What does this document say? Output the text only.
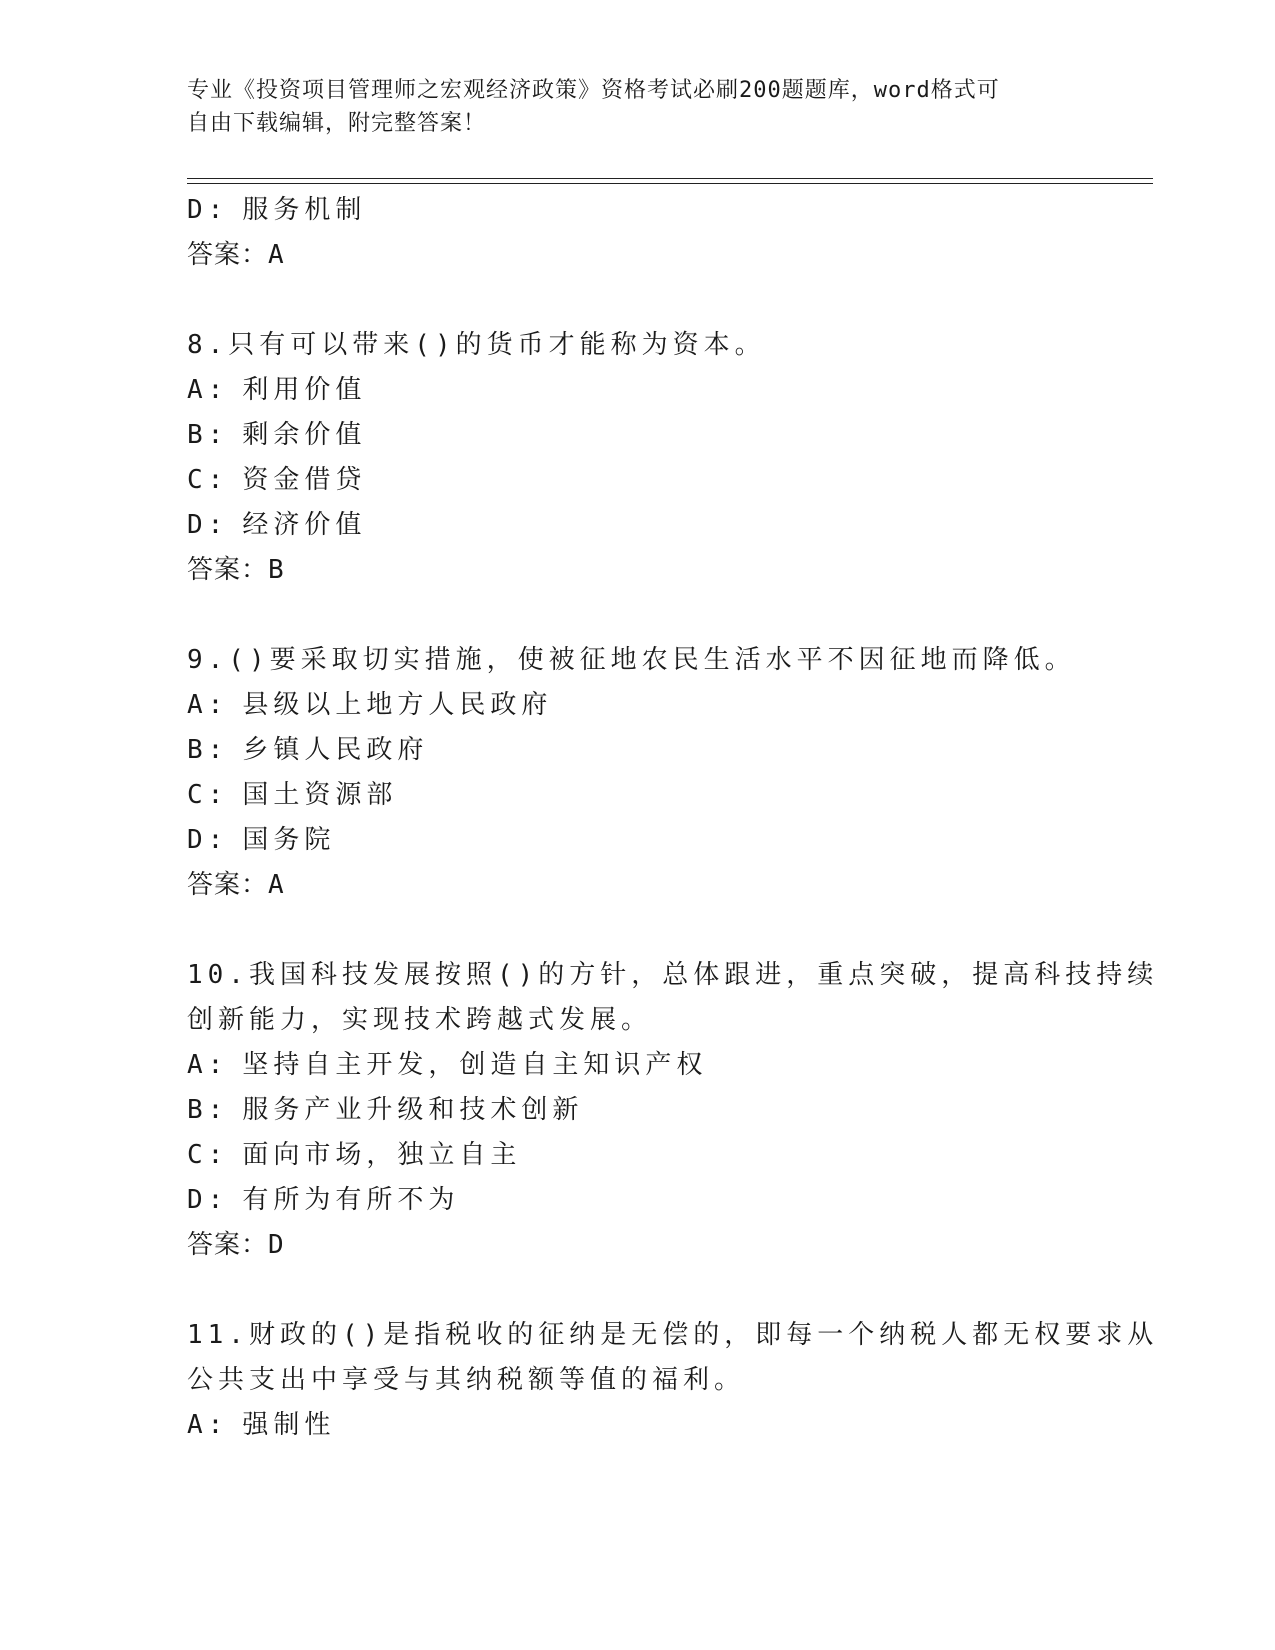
专业《投资项目管理师之宏观经济政策》资格考试必刷200题题库，word格式可
自由下载编辑，附完整答案！
D: 服务机制
答案：A
8.只有可以带来()的货币才能称为资本。
A: 利用价值
B: 剩余价值
C: 资金借贷
D: 经济价值
答案：B
9.()要采取切实措施，使被征地农民生活水平不因征地而降低。
A: 县级以上地方人民政府
B: 乡镇人民政府
C: 国土资源部
D: 国务院
答案：A
10.我国科技发展按照()的方针，总体跟进，重点突破，提高科技持续
创新能力，实现技术跨越式发展。
A: 坚持自主开发，创造自主知识产权
B: 服务产业升级和技术创新
C: 面向市场，独立自主
D: 有所为有所不为
答案：D
11.财政的()是指税收的征纳是无偿的，即每一个纳税人都无权要求从
公共支出中享受与其纳税额等值的福利。
A: 强制性
